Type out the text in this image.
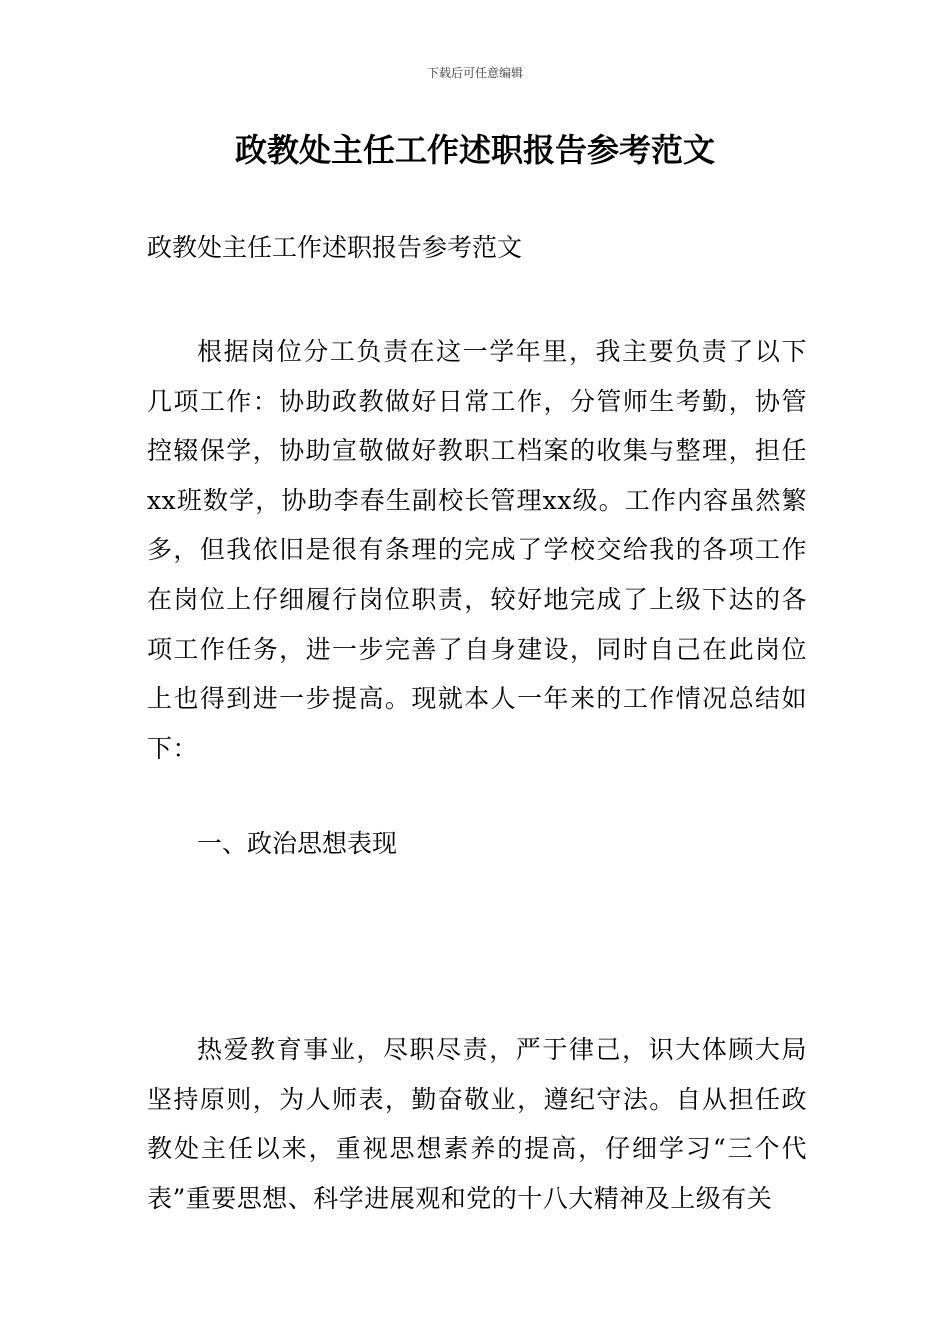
下载后可任意编辑
政教处主任工作述职报告参考范文

政教处主任工作述职报告参考范文

根据岗位分工负责在这一学年里，我主要负责了以下几项工作：协助政教做好日常工作，分管师生考勤，协管控辍保学，协助宣敬做好教职工档案的收集与整理，担任xx班数学，协助李春生副校长管理xx级。工作内容虽然繁多，但我依旧是很有条理的完成了学校交给我的各项工作在岗位上仔细履行岗位职责，较好地完成了上级下达的各项工作任务，进一步完善了自身建设，同时自己在此岗位上也得到进一步提高。现就本人一年来的工作情况总结如下：

一、政治思想表现

热爱教育事业，尽职尽责，严于律己，识大体顾大局坚持原则，为人师表，勤奋敬业，遵纪守法。自从担任政教处主任以来，重视思想素养的提高，仔细学习“三个代表”重要思想、科学进展观和党的十八大精神及上级有关
